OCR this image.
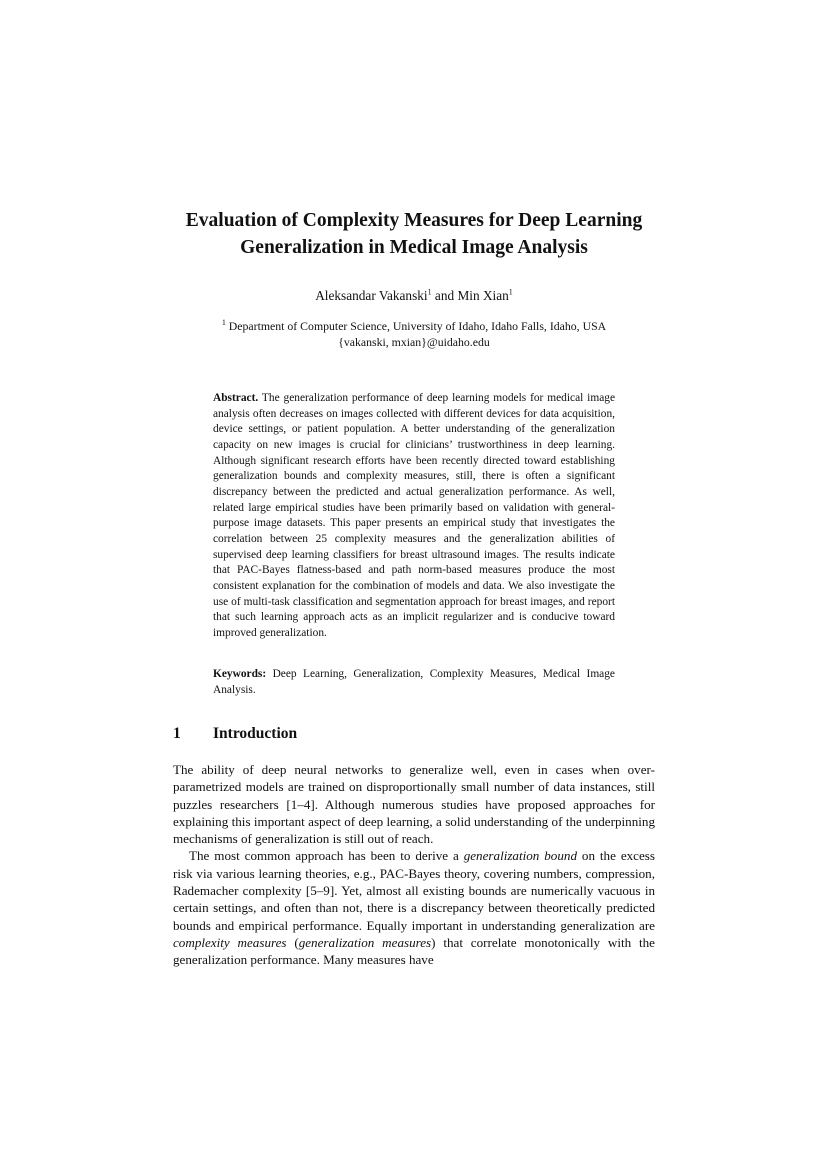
Evaluation of Complexity Measures for Deep Learning Generalization in Medical Image Analysis
Aleksandar Vakanski$^1$ and Min Xian$^1$
$^1$ Department of Computer Science, University of Idaho, Idaho Falls, Idaho, USA
{vakanski, mxian}@uidaho.edu
Abstract. The generalization performance of deep learning models for medical image analysis often decreases on images collected with different devices for data acquisition, device settings, or patient population. A better understanding of the generalization capacity on new images is crucial for clinicians’ trustworthiness in deep learning. Although significant research efforts have been recently directed toward establishing generalization bounds and complexity measures, still, there is often a significant discrepancy between the predicted and actual generalization performance. As well, related large empirical studies have been primarily based on validation with general-purpose image datasets. This paper presents an empirical study that investigates the correlation between 25 complexity measures and the generalization abilities of supervised deep learning classifiers for breast ultrasound images. The results indicate that PAC-Bayes flatness-based and path norm-based measures produce the most consistent explanation for the combination of models and data. We also investigate the use of multi-task classification and segmentation approach for breast images, and report that such learning approach acts as an implicit regularizer and is conducive toward improved generalization.
Keywords: Deep Learning, Generalization, Complexity Measures, Medical Image Analysis.
1 Introduction

The ability of deep neural networks to generalize well, even in cases when over-parametrized models are trained on disproportionally small number of data instances, still puzzles researchers [1–4]. Although numerous studies have proposed approaches for explaining this important aspect of deep learning, a solid understanding of the underpinning mechanisms of generalization is still out of reach.

The most common approach has been to derive a generalization bound on the excess risk via various learning theories, e.g., PAC-Bayes theory, covering numbers, compression, Rademacher complexity [5–9]. Yet, almost all existing bounds are numerically vacuous in certain settings, and often than not, there is a discrepancy between theoretically predicted bounds and empirical performance. Equally important in understanding generalization are complexity measures (generalization measures) that correlate monotonically with the generalization performance. Many measures have
